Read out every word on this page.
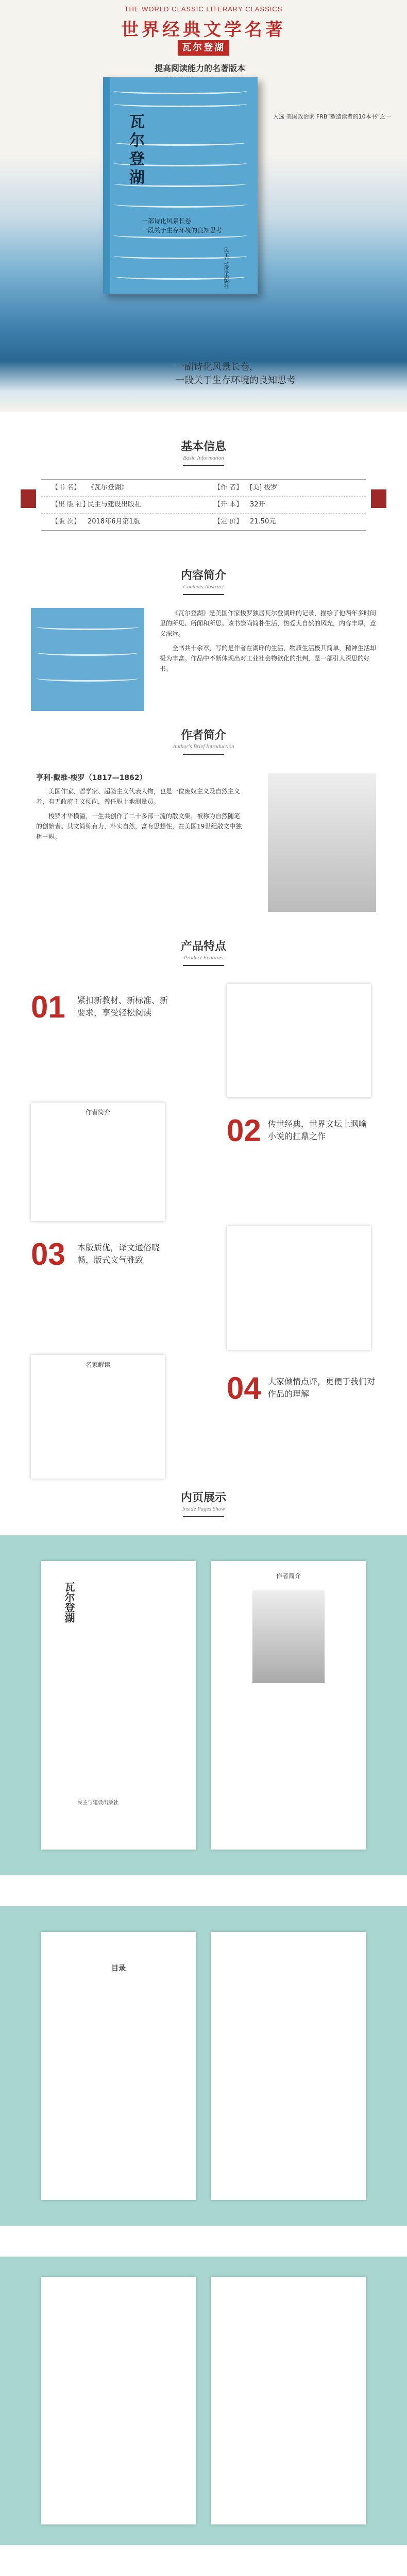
THE WORLD CLASSIC LITERARY CLASSICS
世界经典文学名著
瓦尔登湖
提高阅读能力的名著版本
瓦尔登湖
一部诗化风景长卷
一段关于生存环境的良知思考
民主与建设出版社
入选 美国政治家 FRB“塑造读者的10本书”之一
一副诗化风景长卷，
一段关于生存环境的良知思考
基本信息
Basic Information
【书 名】 《瓦尔登湖》	【作 者】 [美] 梭罗
【出 版 社】民主与建设出版社	【开 本】 32开
【版 次】 2018年6月第1版	【定 价】 21.50元
内容简介
Contents Abstract

《瓦尔登湖》是美国作家梭罗独居瓦尔登湖畔的记录，描绘了他两年多时间里的所见、所闻和所思。该书崇尚简朴生活，热爱大自然的风光，内容丰厚，意义深远。

全书共十余章，写的是作者在湖畔的生活，物质生活极其简单，精神生活却极为丰富。作品中不断体现出对工业社会物欲化的批判，是一部引人深思的好书。

作者简介
Author's Brief Introduction
亨利·戴维·梭罗（1817—1862）

美国作家、哲学家、超验主义代表人物，也是一位废奴主义及自然主义者，有无政府主义倾向，曾任职土地测量员。

梭罗才华横溢，一生共创作了二十多部一流的散文集，被称为自然随笔的创始者。其文简练有力，朴实自然，富有思想性，在美国19世纪散文中独树一帜。

产品特点
Product Features
01 紧扣新教材、新标准、新要求，享受轻松阅读
作者简介
02 传世经典，世界文坛上讽喻小说的扛鼎之作
03 本版质优，译文通俗晓畅，版式文气雅致
名家解读
04 大家倾情点评，更便于我们对作品的理解
内页展示
Inside Pages Show
瓦尔登湖
民主与建设出版社
作者简介
目录
